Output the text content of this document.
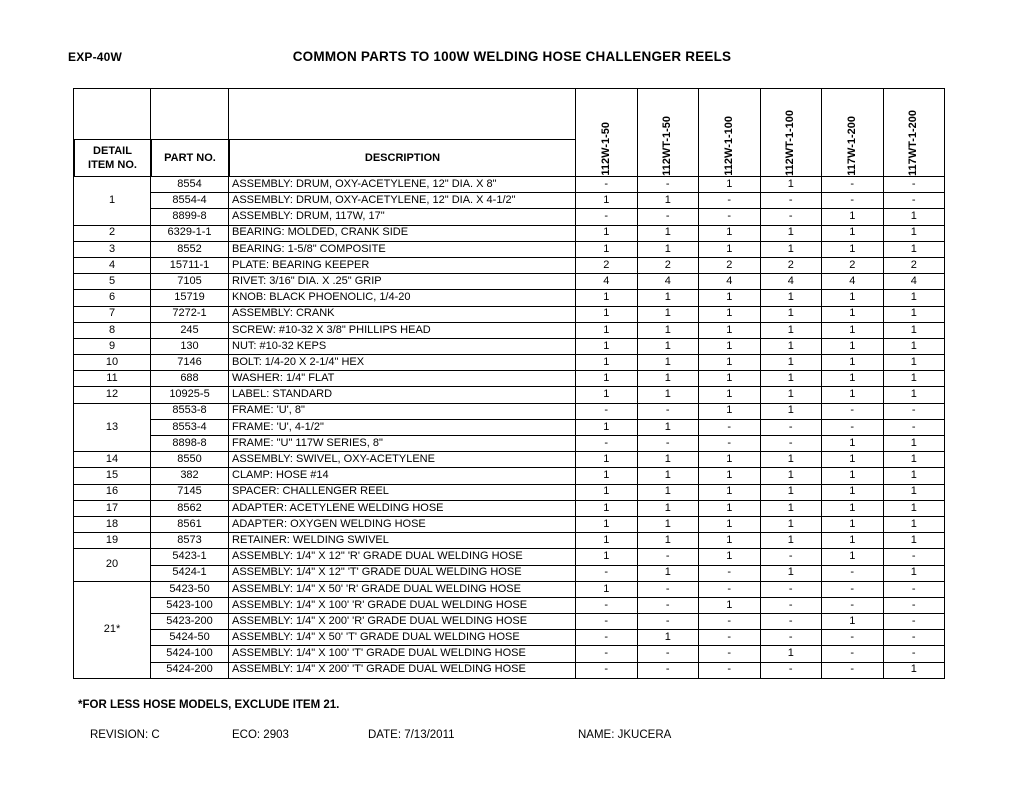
EXP-40W	COMMON PARTS TO 100W WELDING HOSE CHALLENGER REELS
DETAIL
ITEM NO.	PART NO.	DESCRIPTION	112W-1-50	112WT-1-50	112W-1-100	112WT-1-100	117W-1-200	117WT-1-200

1	8554	ASSEMBLY: DRUM, OXY-ACETYLENE, 12" DIA. X 8"	-	-	1	1	-	-
	8554-4	ASSEMBLY: DRUM, OXY-ACETYLENE, 12" DIA. X 4-1/2"	1	1	-	-	-	-
	8899-8	ASSEMBLY: DRUM, 117W, 17"	-	-	-	-	1	1
2	6329-1-1	BEARING: MOLDED, CRANK SIDE	1	1	1	1	1	1
3	8552	BEARING: 1-5/8" COMPOSITE	1	1	1	1	1	1
4	15711-1	PLATE: BEARING KEEPER	2	2	2	2	2	2
5	7105	RIVET: 3/16" DIA. X .25" GRIP	4	4	4	4	4	4
6	15719	KNOB: BLACK PHOENOLIC, 1/4-20	1	1	1	1	1	1
7	7272-1	ASSEMBLY: CRANK	1	1	1	1	1	1
8	245	SCREW: #10-32 X 3/8" PHILLIPS HEAD	1	1	1	1	1	1
9	130	NUT: #10-32 KEPS	1	1	1	1	1	1
10	7146	BOLT: 1/4-20 X 2-1/4" HEX	1	1	1	1	1	1
11	688	WASHER: 1/4" FLAT	1	1	1	1	1	1
12	10925-5	LABEL: STANDARD	1	1	1	1	1	1
13	8553-8	FRAME: 'U', 8"	-	-	1	1	-	-
	8553-4	FRAME: 'U', 4-1/2"	1	1	-	-	-	-
	8898-8	FRAME: "U" 117W SERIES, 8"	-	-	-	-	1	1
14	8550	ASSEMBLY: SWIVEL, OXY-ACETYLENE	1	1	1	1	1	1
15	382	CLAMP: HOSE #14	1	1	1	1	1	1
16	7145	SPACER: CHALLENGER REEL	1	1	1	1	1	1
17	8562	ADAPTER: ACETYLENE WELDING HOSE	1	1	1	1	1	1
18	8561	ADAPTER: OXYGEN WELDING HOSE	1	1	1	1	1	1
19	8573	RETAINER: WELDING SWIVEL	1	1	1	1	1	1
20	5423-1	ASSEMBLY: 1/4" X 12" 'R' GRADE DUAL WELDING HOSE	1	-	1	-	1	-
	5424-1	ASSEMBLY: 1/4" X 12" 'T' GRADE DUAL WELDING HOSE	-	1	-	1	-	1
21*	5423-50	ASSEMBLY: 1/4" X 50' 'R' GRADE DUAL WELDING HOSE	1	-	-	-	-	-
	5423-100	ASSEMBLY: 1/4" X 100' 'R' GRADE DUAL WELDING HOSE	-	-	1	-	-	-
	5423-200	ASSEMBLY: 1/4" X 200' 'R' GRADE DUAL WELDING HOSE	-	-	-	-	1	-
	5424-50	ASSEMBLY: 1/4" X 50' 'T' GRADE DUAL WELDING HOSE	-	1	-	-	-	-
	5424-100	ASSEMBLY: 1/4" X 100' 'T' GRADE DUAL WELDING HOSE	-	-	-	1	-	-
	5424-200	ASSEMBLY: 1/4" X 200' 'T' GRADE DUAL WELDING HOSE	-	-	-	-	-	1
*FOR LESS HOSE MODELS, EXCLUDE ITEM 21.
REVISION: C	ECO: 2903	DATE: 7/13/2011	NAME: JKUCERA
